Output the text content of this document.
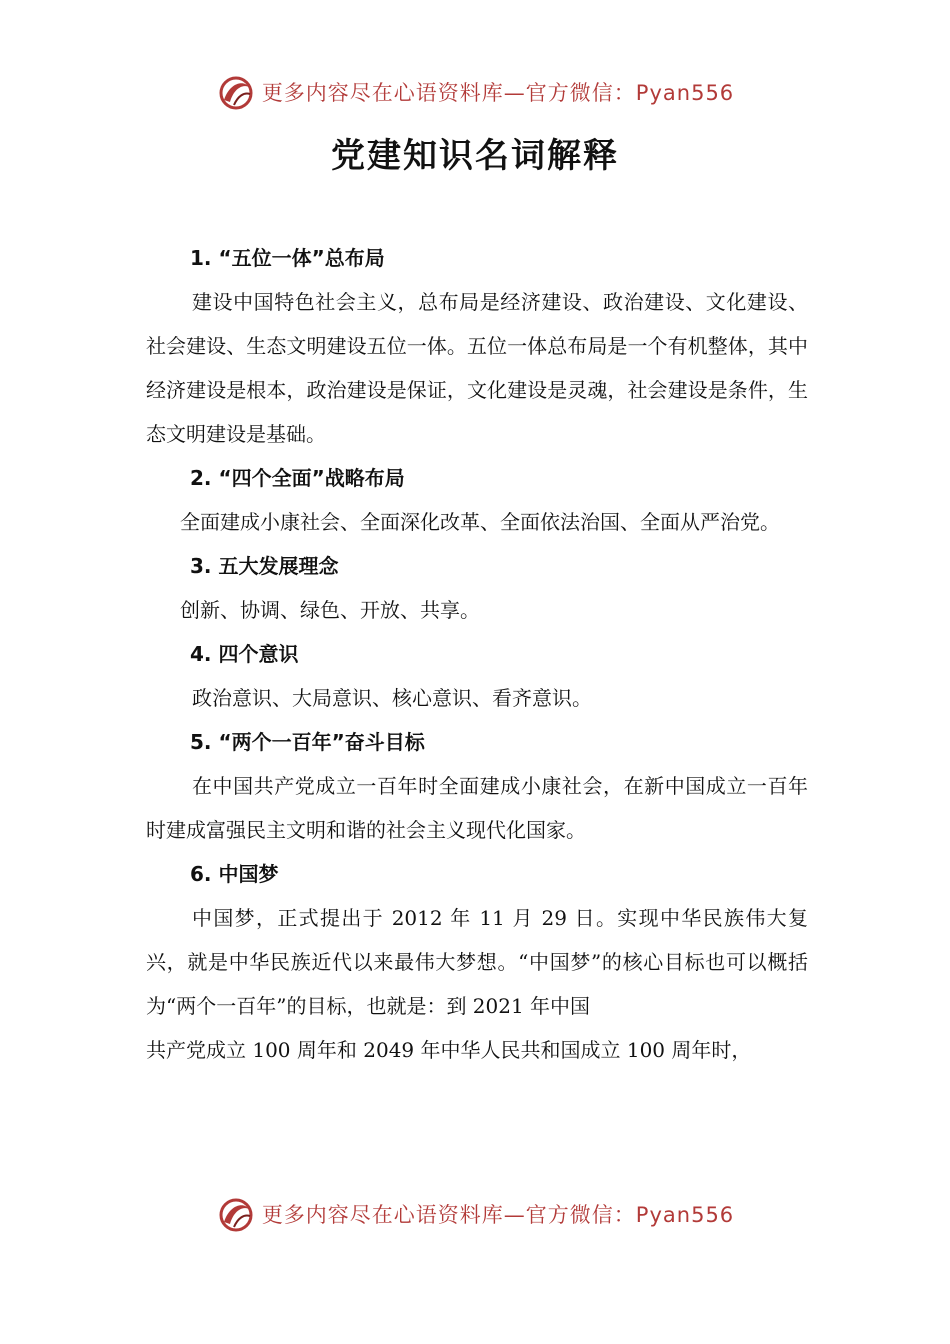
更多内容尽在心语资料库—官方微信：Pyan556
党建知识名词解释
1. “五位一体”总布局

建设中国特色社会主义，总布局是经济建设、政治建设、文化建设、社会建设、生态文明建设五位一体。五位一体总布局是一个有机整体，其中经济建设是根本，政治建设是保证，文化建设是灵魂，社会建设是条件，生态文明建设是基础。

2. “四个全面”战略布局

全面建成小康社会、全面深化改革、全面依法治国、全面从严治党。

3. 五大发展理念

创新、协调、绿色、开放、共享。

4. 四个意识

政治意识、大局意识、核心意识、看齐意识。

5. “两个一百年”奋斗目标

在中国共产党成立一百年时全面建成小康社会，在新中国成立一百年时建成富强民主文明和谐的社会主义现代化国家。

6. 中国梦

中国梦，正式提出于 2012 年 11 月 29 日。实现中华民族伟大复兴，就是中华民族近代以来最伟大梦想。“中国梦”的核心目标也可以概括为“两个一百年”的目标，也就是：到 2021 年中国

共产党成立 100 周年和 2049 年中华人民共和国成立 100 周年时，

更多内容尽在心语资料库—官方微信：Pyan556
